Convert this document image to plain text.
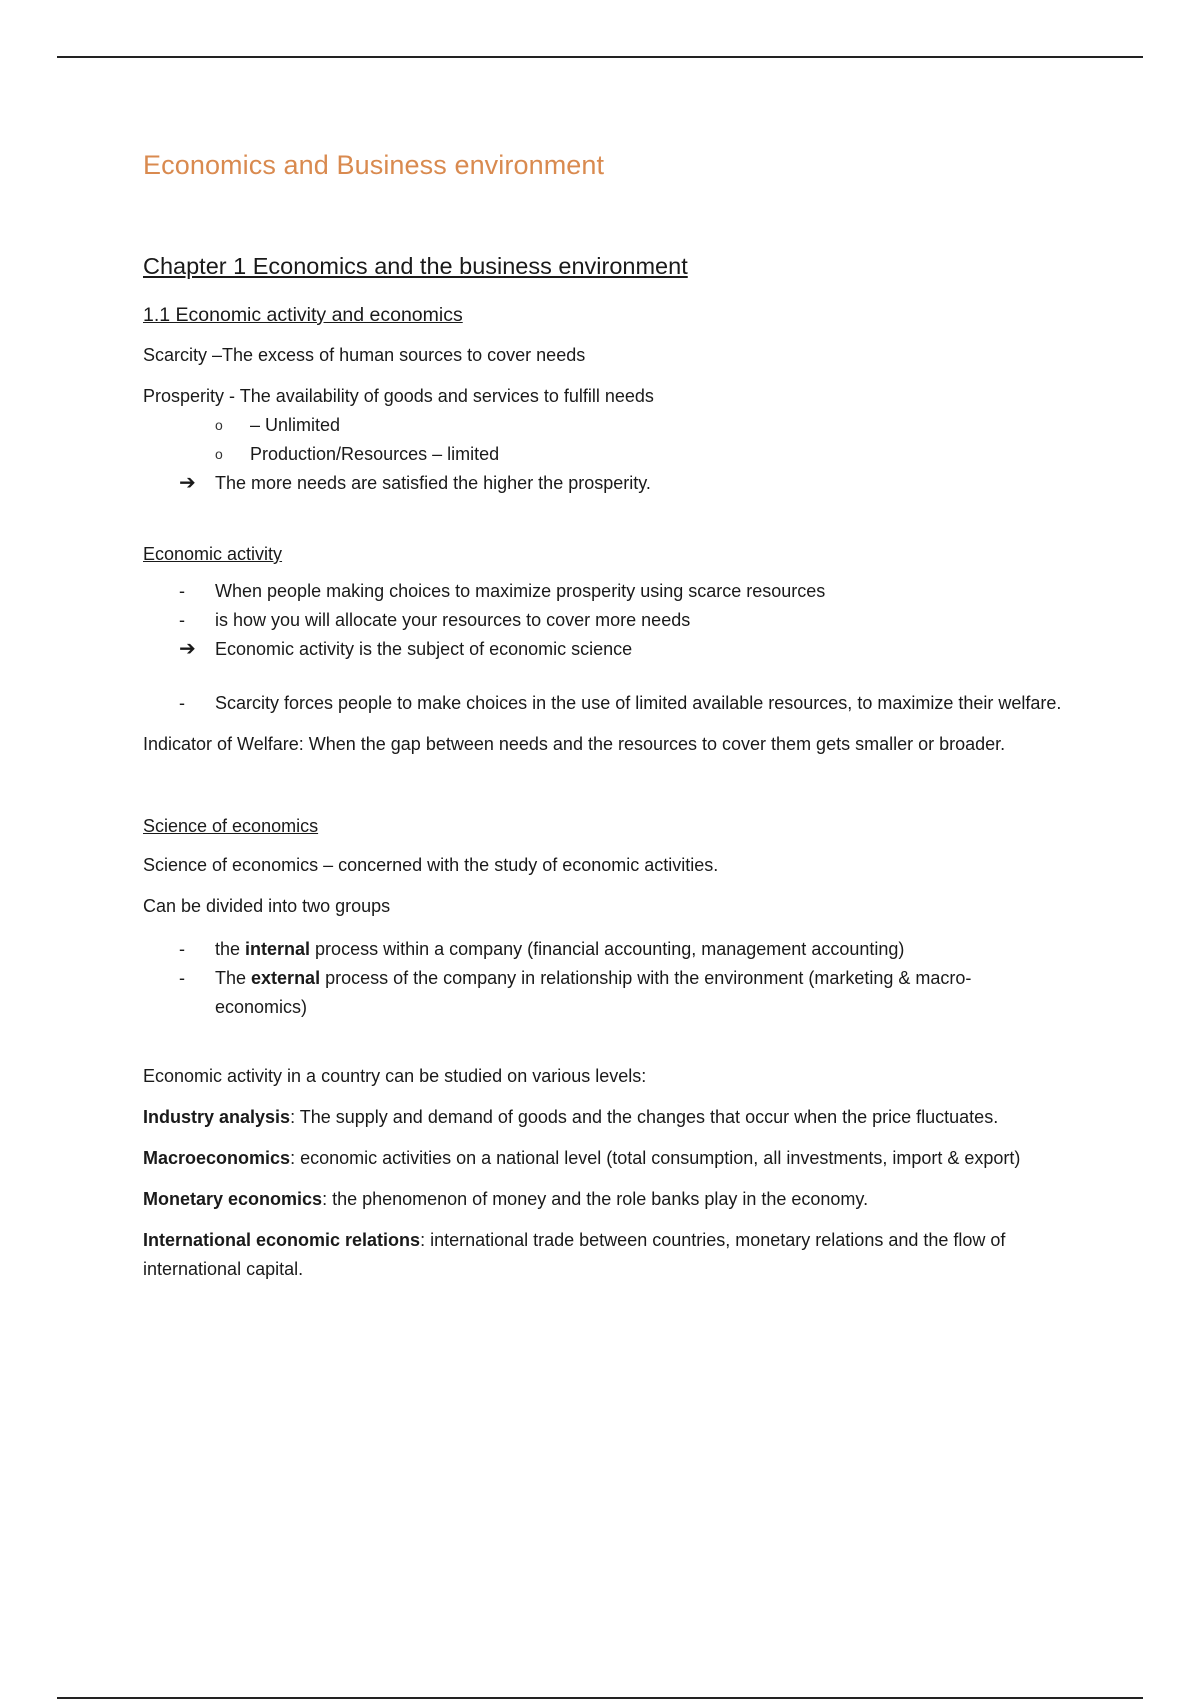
Economics and Business environment
Chapter 1 Economics and the business environment
1.1 Economic activity and economics

Scarcity –The excess of human sources to cover needs

Prosperity - The availability of goods and services to fulfill needs

o – Unlimited
o Production/Resources – limited
➔ The more needs are satisfied the higher the prosperity.
Economic activity
- When people making choices to maximize prosperity using scarce resources
- is how you will allocate your resources to cover more needs
➔ Economic activity is the subject of economic science
- Scarcity forces people to make choices in the use of limited available resources, to maximize their welfare.

Indicator of Welfare: When the gap between needs and the resources to cover them gets smaller or broader.

Science of economics

Science of economics – concerned with the study of economic activities.

Can be divided into two groups

- the internal process within a company (financial accounting, management accounting)
- The external process of the company in relationship with the environment (marketing & macro-economics)

Economic activity in a country can be studied on various levels:

Industry analysis: The supply and demand of goods and the changes that occur when the price fluctuates.

Macroeconomics: economic activities on a national level (total consumption, all investments, import & export)

Monetary economics: the phenomenon of money and the role banks play in the economy.

International economic relations: international trade between countries, monetary relations and the flow of international capital.
